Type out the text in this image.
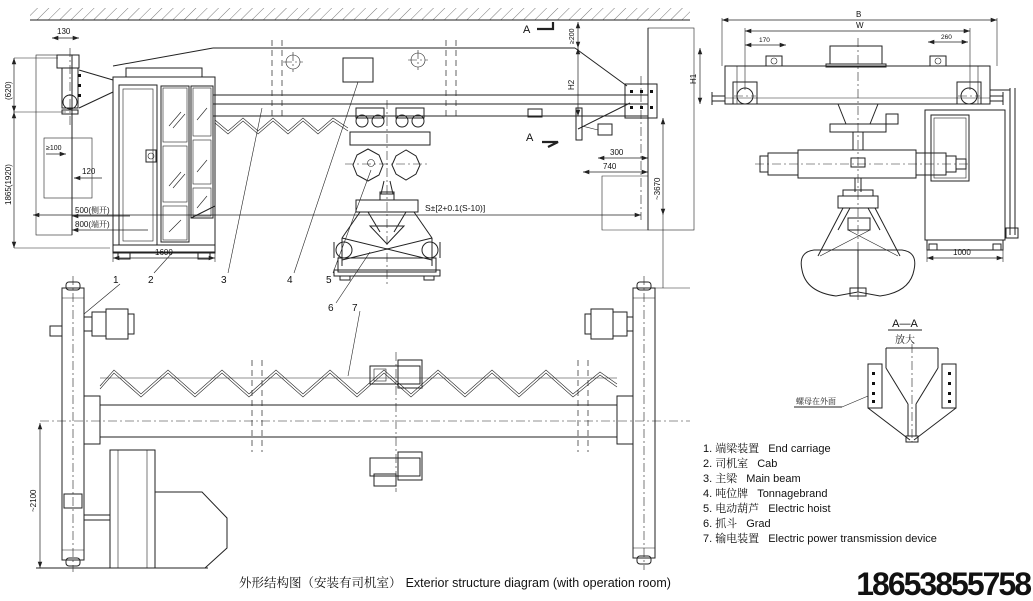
A
A
130
(620)
1865(1920)
≥100
120
500(侧开)
800(端开)
1600
≥200
H2
300
740
S±[2+0.1(S-10)]
~3670
H1
1	2	3	4	5
6 7
B
W
170	260
1000
A—A
放大
螺母在外面
1. 端梁装置 End carriage
2. 司机室 Cab
3. 主梁 Main beam
4. 吨位牌 Tonnagebrand
5. 电动葫芦 Electric hoist
6. 抓斗 Grad
7. 输电装置 Electric power transmission device
~2100
外形结构图（安装有司机室） Exterior structure diagram (with operation room)	18653855758
